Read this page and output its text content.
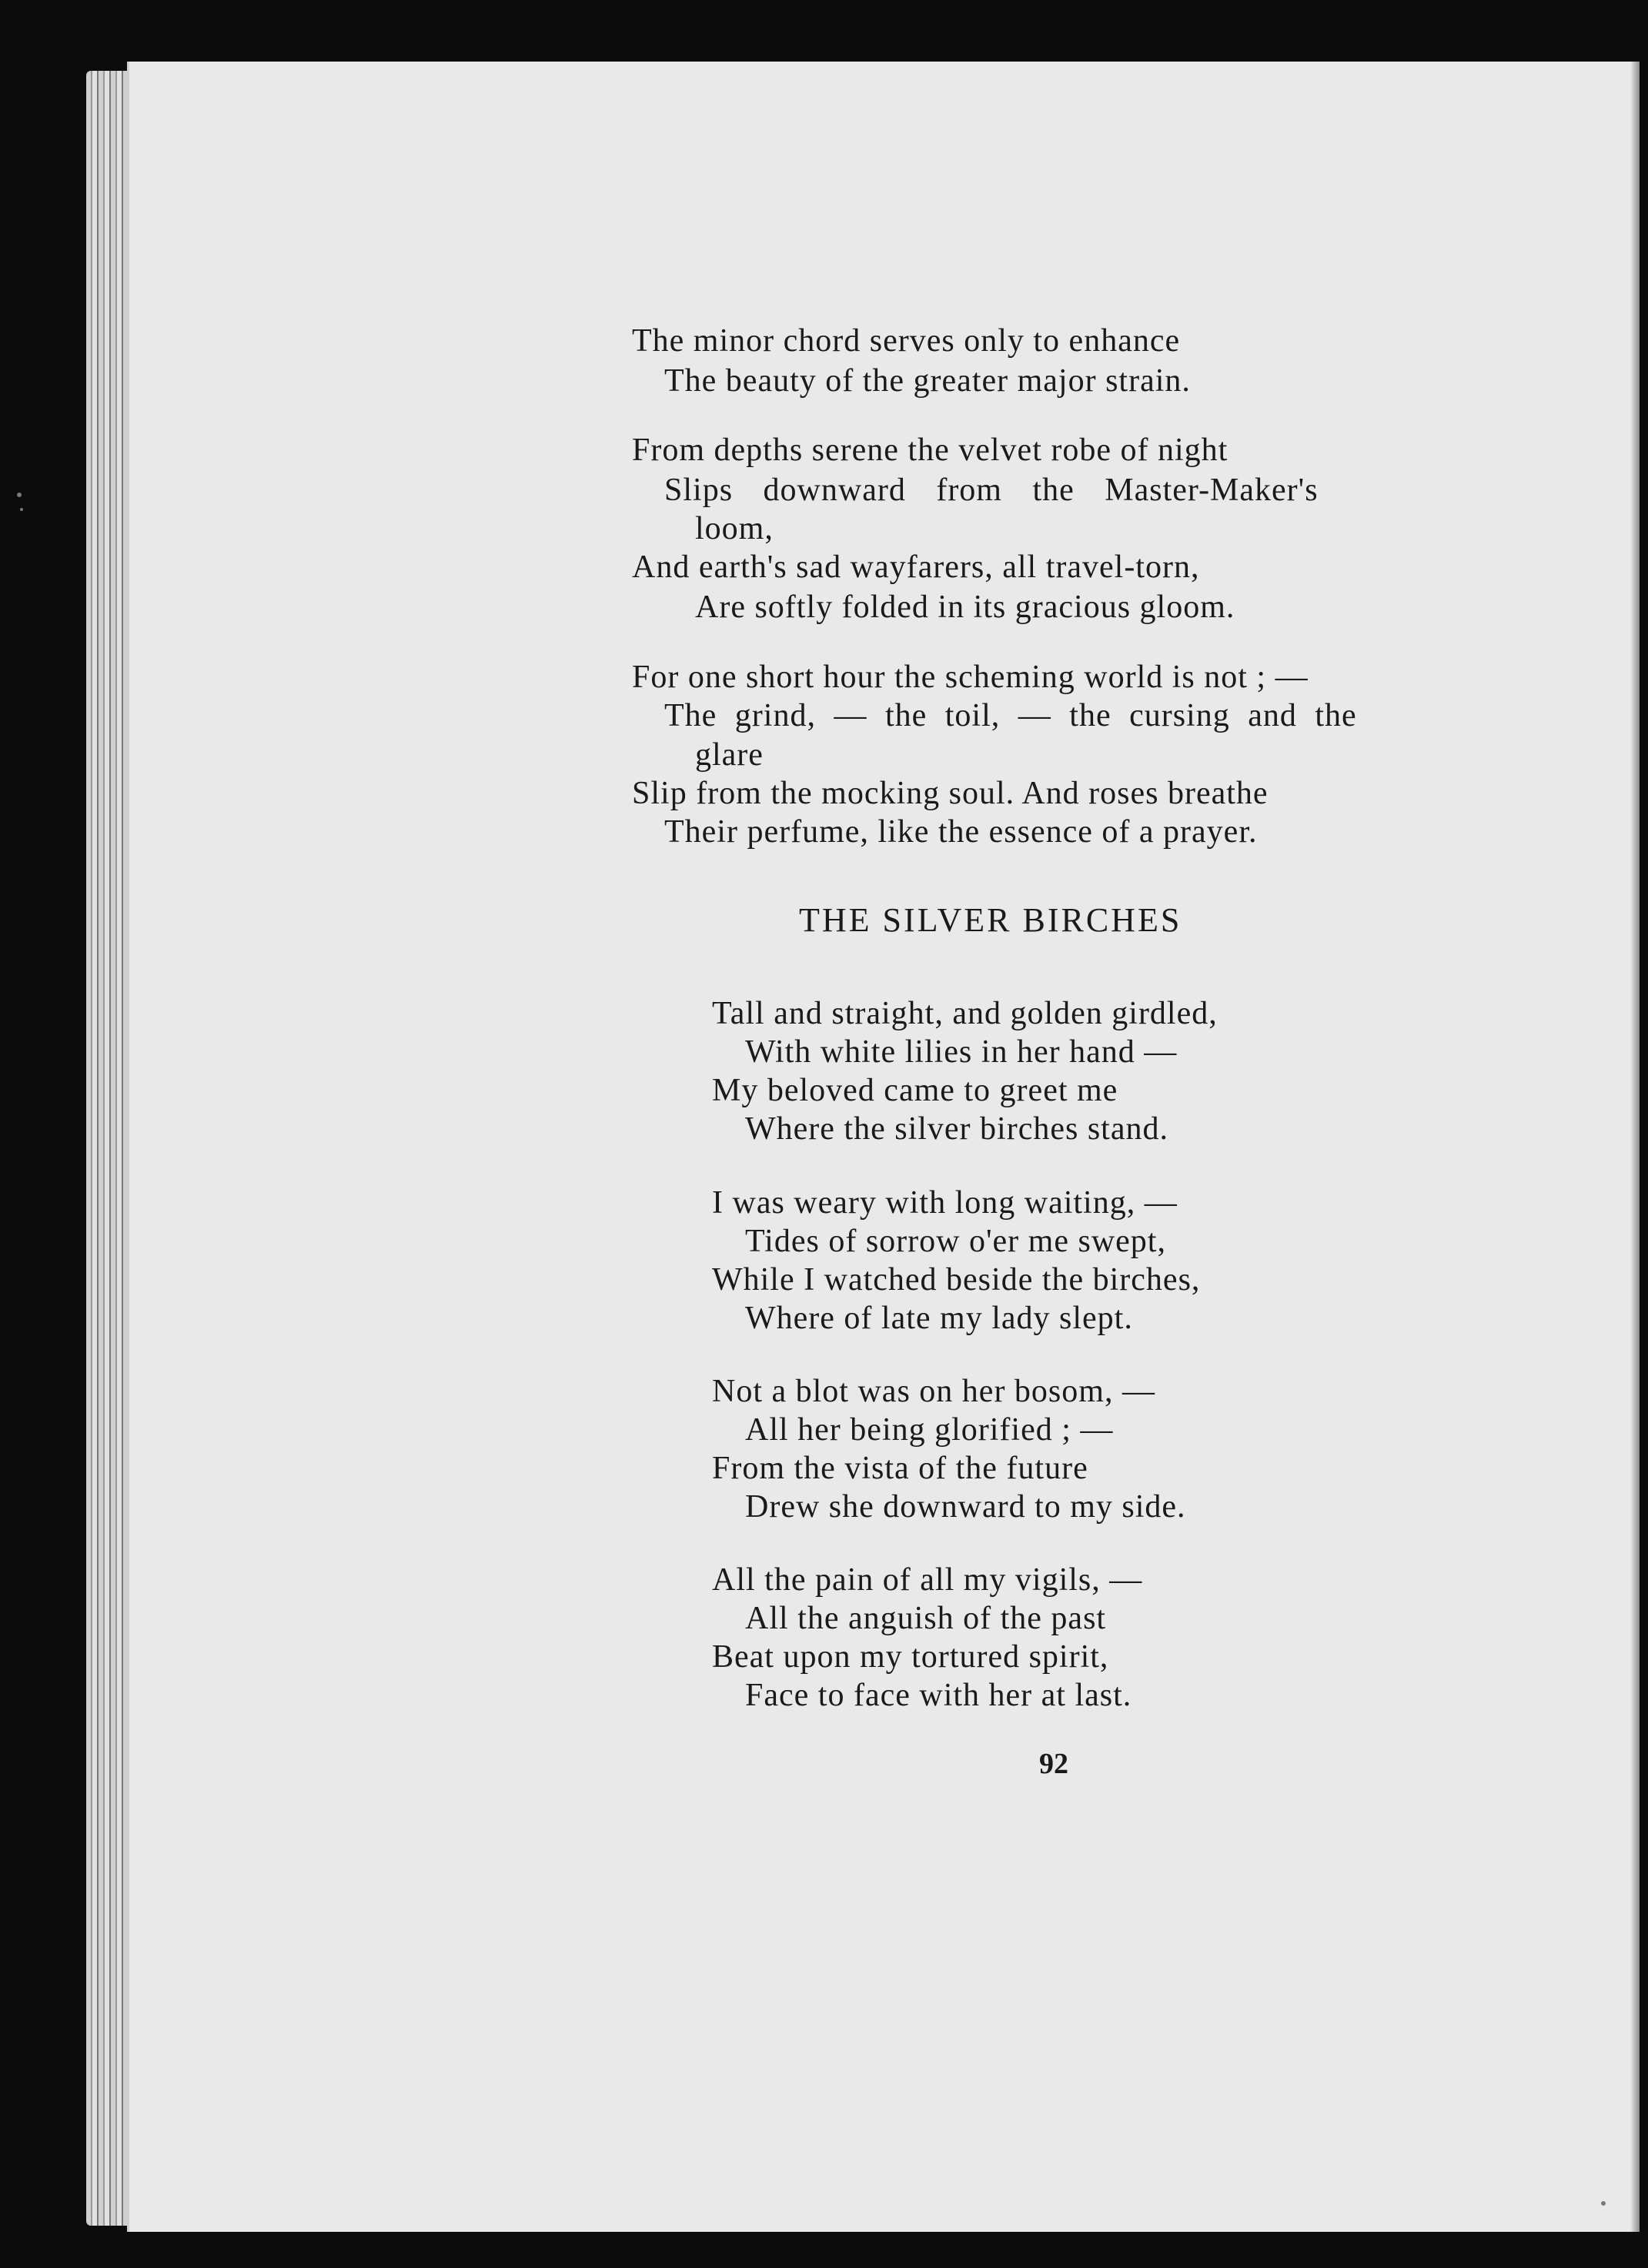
The minor chord serves only to enhance
The beauty of the greater major strain.
From depths serene the velvet robe of night
Slips downward from the Master-Maker's
loom,
And earth's sad wayfarers, all travel-torn,
Are softly folded in its gracious gloom.
For one short hour the scheming world is not ; —
The grind, — the toil, — the cursing and the
glare
Slip from the mocking soul. And roses breathe
Their perfume, like the essence of a prayer.
THE SILVER BIRCHES
Tall and straight, and golden girdled,
With white lilies in her hand —
My beloved came to greet me
Where the silver birches stand.
I was weary with long waiting, —
Tides of sorrow o'er me swept,
While I watched beside the birches,
Where of late my lady slept.
Not a blot was on her bosom, —
All her being glorified ; —
From the vista of the future
Drew she downward to my side.
All the pain of all my vigils, —
All the anguish of the past
Beat upon my tortured spirit,
Face to face with her at last.
92
